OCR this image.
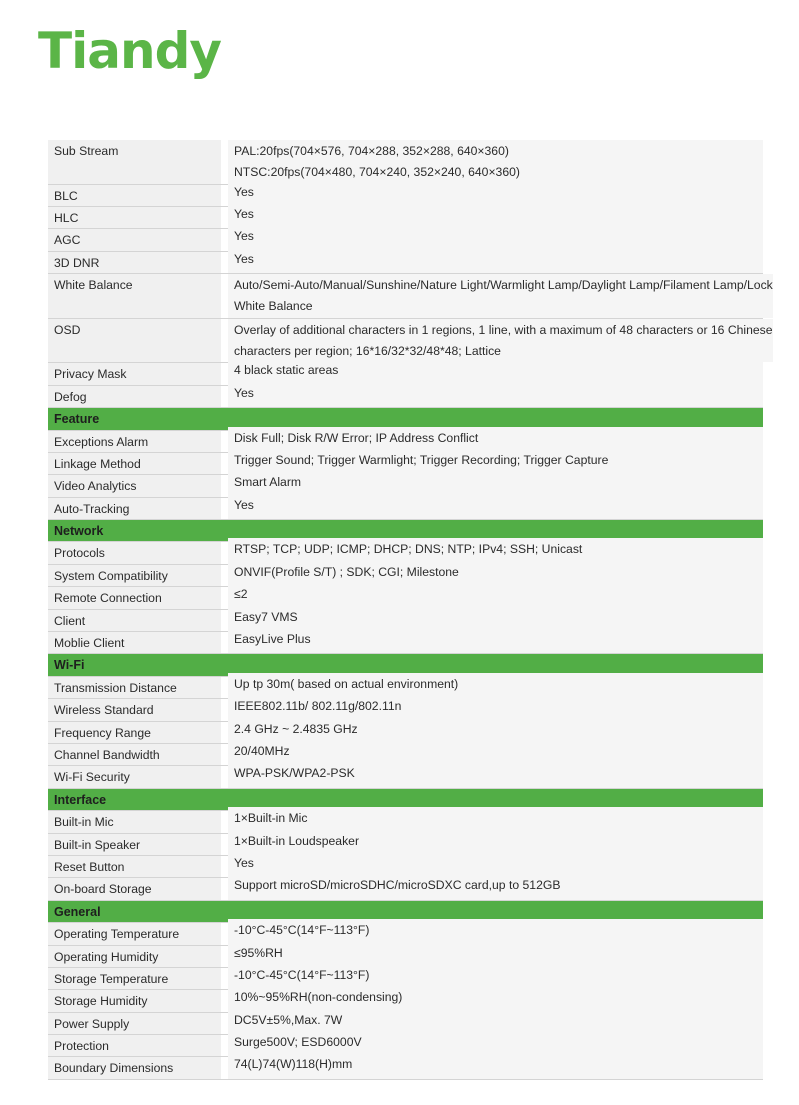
Tiandy
Sub Stream	PAL:20fps(704×576, 704×288, 352×288, 640×360)
NTSC:20fps(704×480, 704×240, 352×240, 640×360)
BLC	Yes
HLC	Yes
AGC	Yes
3D DNR	Yes
White Balance	Auto/Semi-Auto/Manual/Sunshine/Nature Light/Warmlight Lamp/Daylight Lamp/Filament Lamp/Lock
White Balance
OSD	Overlay of additional characters in 1 regions, 1 line, with a maximum of 48 characters or 16 Chinese
characters per region; 16*16/32*32/48*48; Lattice
Privacy Mask	4 black static areas
Defog	Yes
Feature
Exceptions Alarm	Disk Full; Disk R/W Error; IP Address Conflict
Linkage Method	Trigger Sound; Trigger Warmlight; Trigger Recording; Trigger Capture
Video Analytics	Smart Alarm
Auto-Tracking	Yes
Network
Protocols	RTSP; TCP; UDP; ICMP; DHCP; DNS; NTP; IPv4; SSH; Unicast
System Compatibility	ONVIF(Profile S/T) ; SDK; CGI; Milestone
Remote Connection	≤2
Client	Easy7 VMS
Moblie Client	EasyLive Plus
Wi-Fi
Transmission Distance	Up tp 30m( based on actual environment)
Wireless Standard	IEEE802.11b/ 802.11g/802.11n
Frequency Range	2.4 GHz ~ 2.4835 GHz
Channel Bandwidth	20/40MHz
Wi-Fi Security	WPA-PSK/WPA2-PSK
Interface
Built-in Mic	1×Built-in Mic
Built-in Speaker	1×Built-in Loudspeaker
Reset Button	Yes
On-board Storage	Support microSD/microSDHC/microSDXC card,up to 512GB
General
Operating Temperature	-10°C-45°C(14°F~113°F)
Operating Humidity	≤95%RH
Storage Temperature	-10°C-45°C(14°F~113°F)
Storage Humidity	10%~95%RH(non-condensing)
Power Supply	DC5V±5%,Max. 7W
Protection	Surge500V; ESD6000V
Boundary Dimensions	74(L)74(W)118(H)mm
